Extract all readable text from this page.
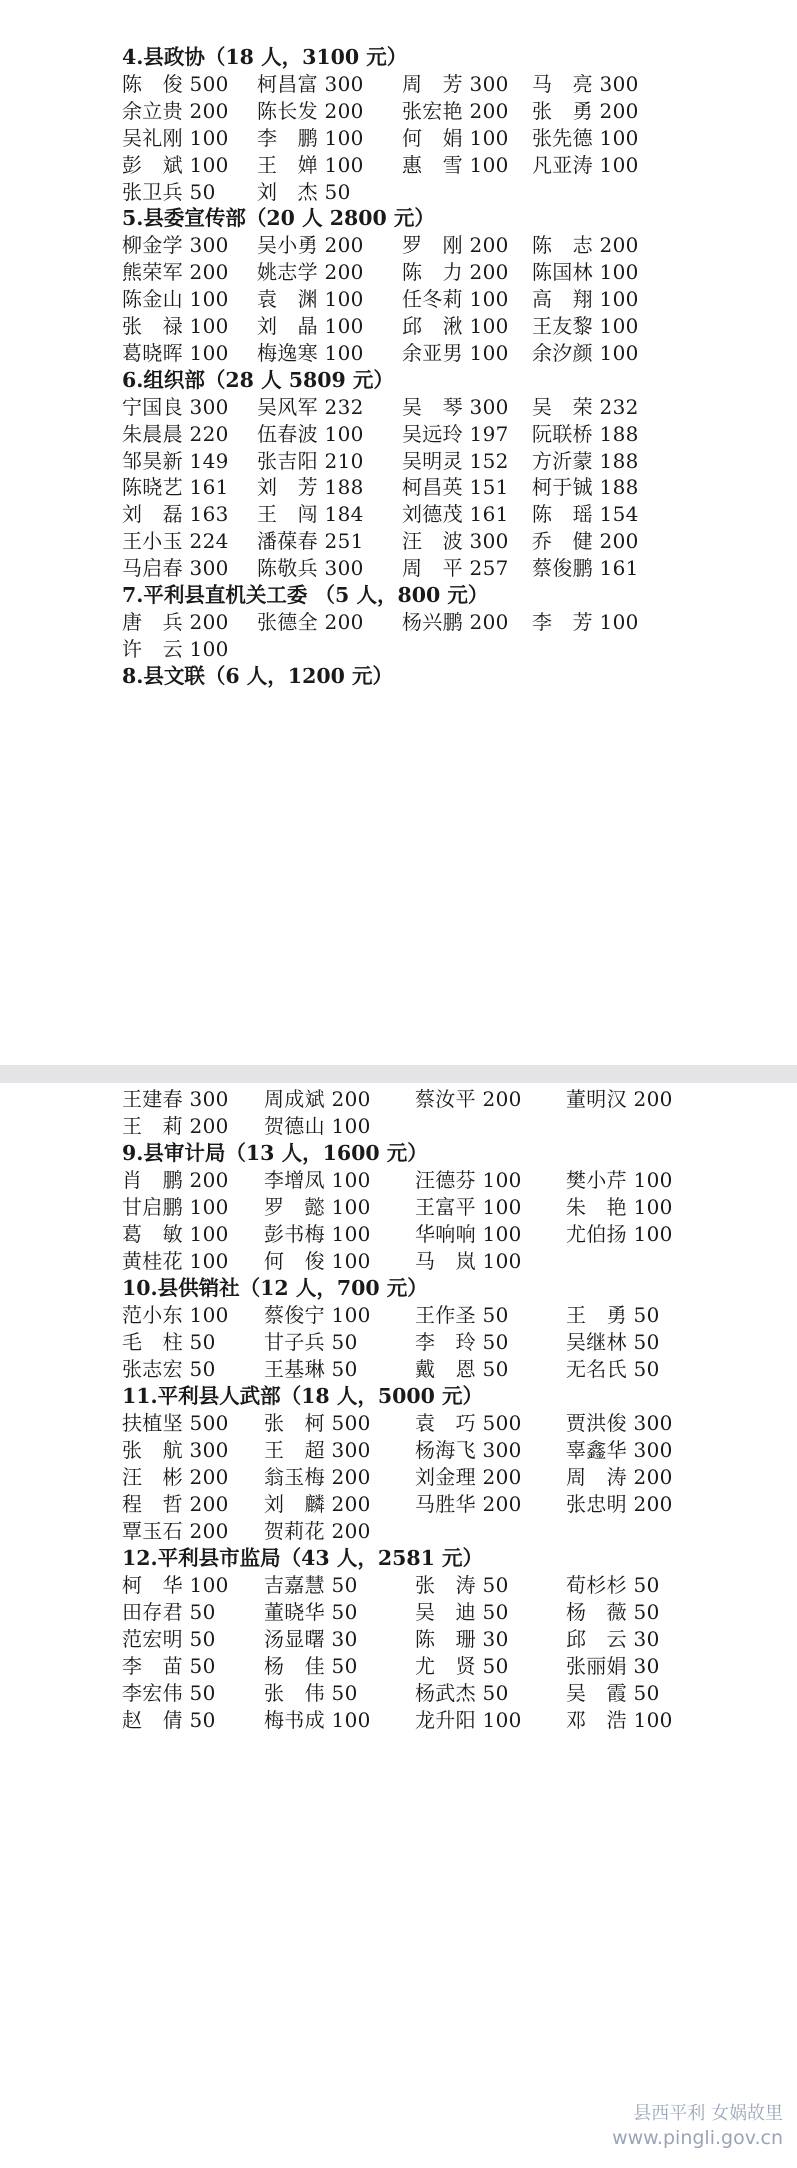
4.县政协（18 人，3100 元）
陈　俊 500 柯昌富 300 周　芳 300 马　亮 300
余立贵 200 陈长发 200 张宏艳 200 张　勇 200
吴礼刚 100 李　鹏 100 何　娟 100 张先德 100
彭　斌 100 王　婵 100 惠　雪 100 凡亚涛 100
张卫兵 50 刘　杰 50
5.县委宣传部（20 人 2800 元）
柳金学 300 吴小勇 200 罗　刚 200 陈　志 200
熊荣军 200 姚志学 200 陈　力 200 陈国林 100
陈金山 100 袁　渊 100 任冬莉 100 高　翔 100
张　禄 100 刘　晶 100 邱　湫 100 王友黎 100
葛晓晖 100 梅逸寒 100 余亚男 100 余汐颜 100
6.组织部（28 人 5809 元）
宁国良 300 吴风军 232 吴　琴 300 吴　荣 232
朱晨晨 220 伍春波 100 吴远玲 197 阮联桥 188
邹昊新 149 张吉阳 210 吴明灵 152 方沂蒙 188
陈晓艺 161 刘　芳 188 柯昌英 151 柯于铖 188
刘　磊 163 王　闯 184 刘德茂 161 陈　瑶 154
王小玉 224 潘葆春 251 汪　波 300 乔　健 200
马启春 300 陈敬兵 300 周　平 257 蔡俊鹏 161
7.平利县直机关工委 （5 人，800 元）
唐　兵 200 张德全 200 杨兴鹏 200 李　芳 100
许　云 100
8.县文联（6 人，1200 元）
县西平利 女娲故里
www.pingli.gov.cn
王建春 300 周成斌 200 蔡汝平 200 董明汉 200
王　莉 200 贺德山 100
9.县审计局（13 人，1600 元）
肖　鹏 200 李增凤 100 汪德芬 100 樊小芹 100
甘启鹏 100 罗　懿 100 王富平 100 朱　艳 100
葛　敏 100 彭书梅 100 华响响 100 尤伯扬 100
黄桂花 100 何　俊 100 马　岚 100
10.县供销社（12 人，700 元）
范小东 100 蔡俊宁 100 王作圣 50	王　勇 50
毛　柱 50 甘子兵 50	李　玲 50	吴继林 50
张志宏 50 王基琳 50	戴　恩 50	无名氏 50
11.平利县人武部（18 人，5000 元）
扶植坚 500 张　柯 500 袁　巧 500 贾洪俊 300
张　航 300 王　超 300 杨海飞 300 辜鑫华 300
汪　彬 200 翁玉梅 200 刘金理 200 周　涛 200
程　哲 200 刘　麟 200 马胜华 200 张忠明 200
覃玉石 200 贺莉花 200
12.平利县市监局（43 人，2581 元）
柯　华 100 吉嘉慧 50	张　涛 50	荀杉杉 50
田存君 50 董晓华 50	吴　迪 50	杨　薇 50
范宏明 50 汤显曙 30	陈　珊 30	邱　云 30
李　苗 50 杨　佳 50	尤　贤 50	张丽娟 30
李宏伟 50 张　伟 50	杨武杰 50	吴　霞 50
赵　倩 50 梅书成 100 龙升阳 100 邓　浩 100
